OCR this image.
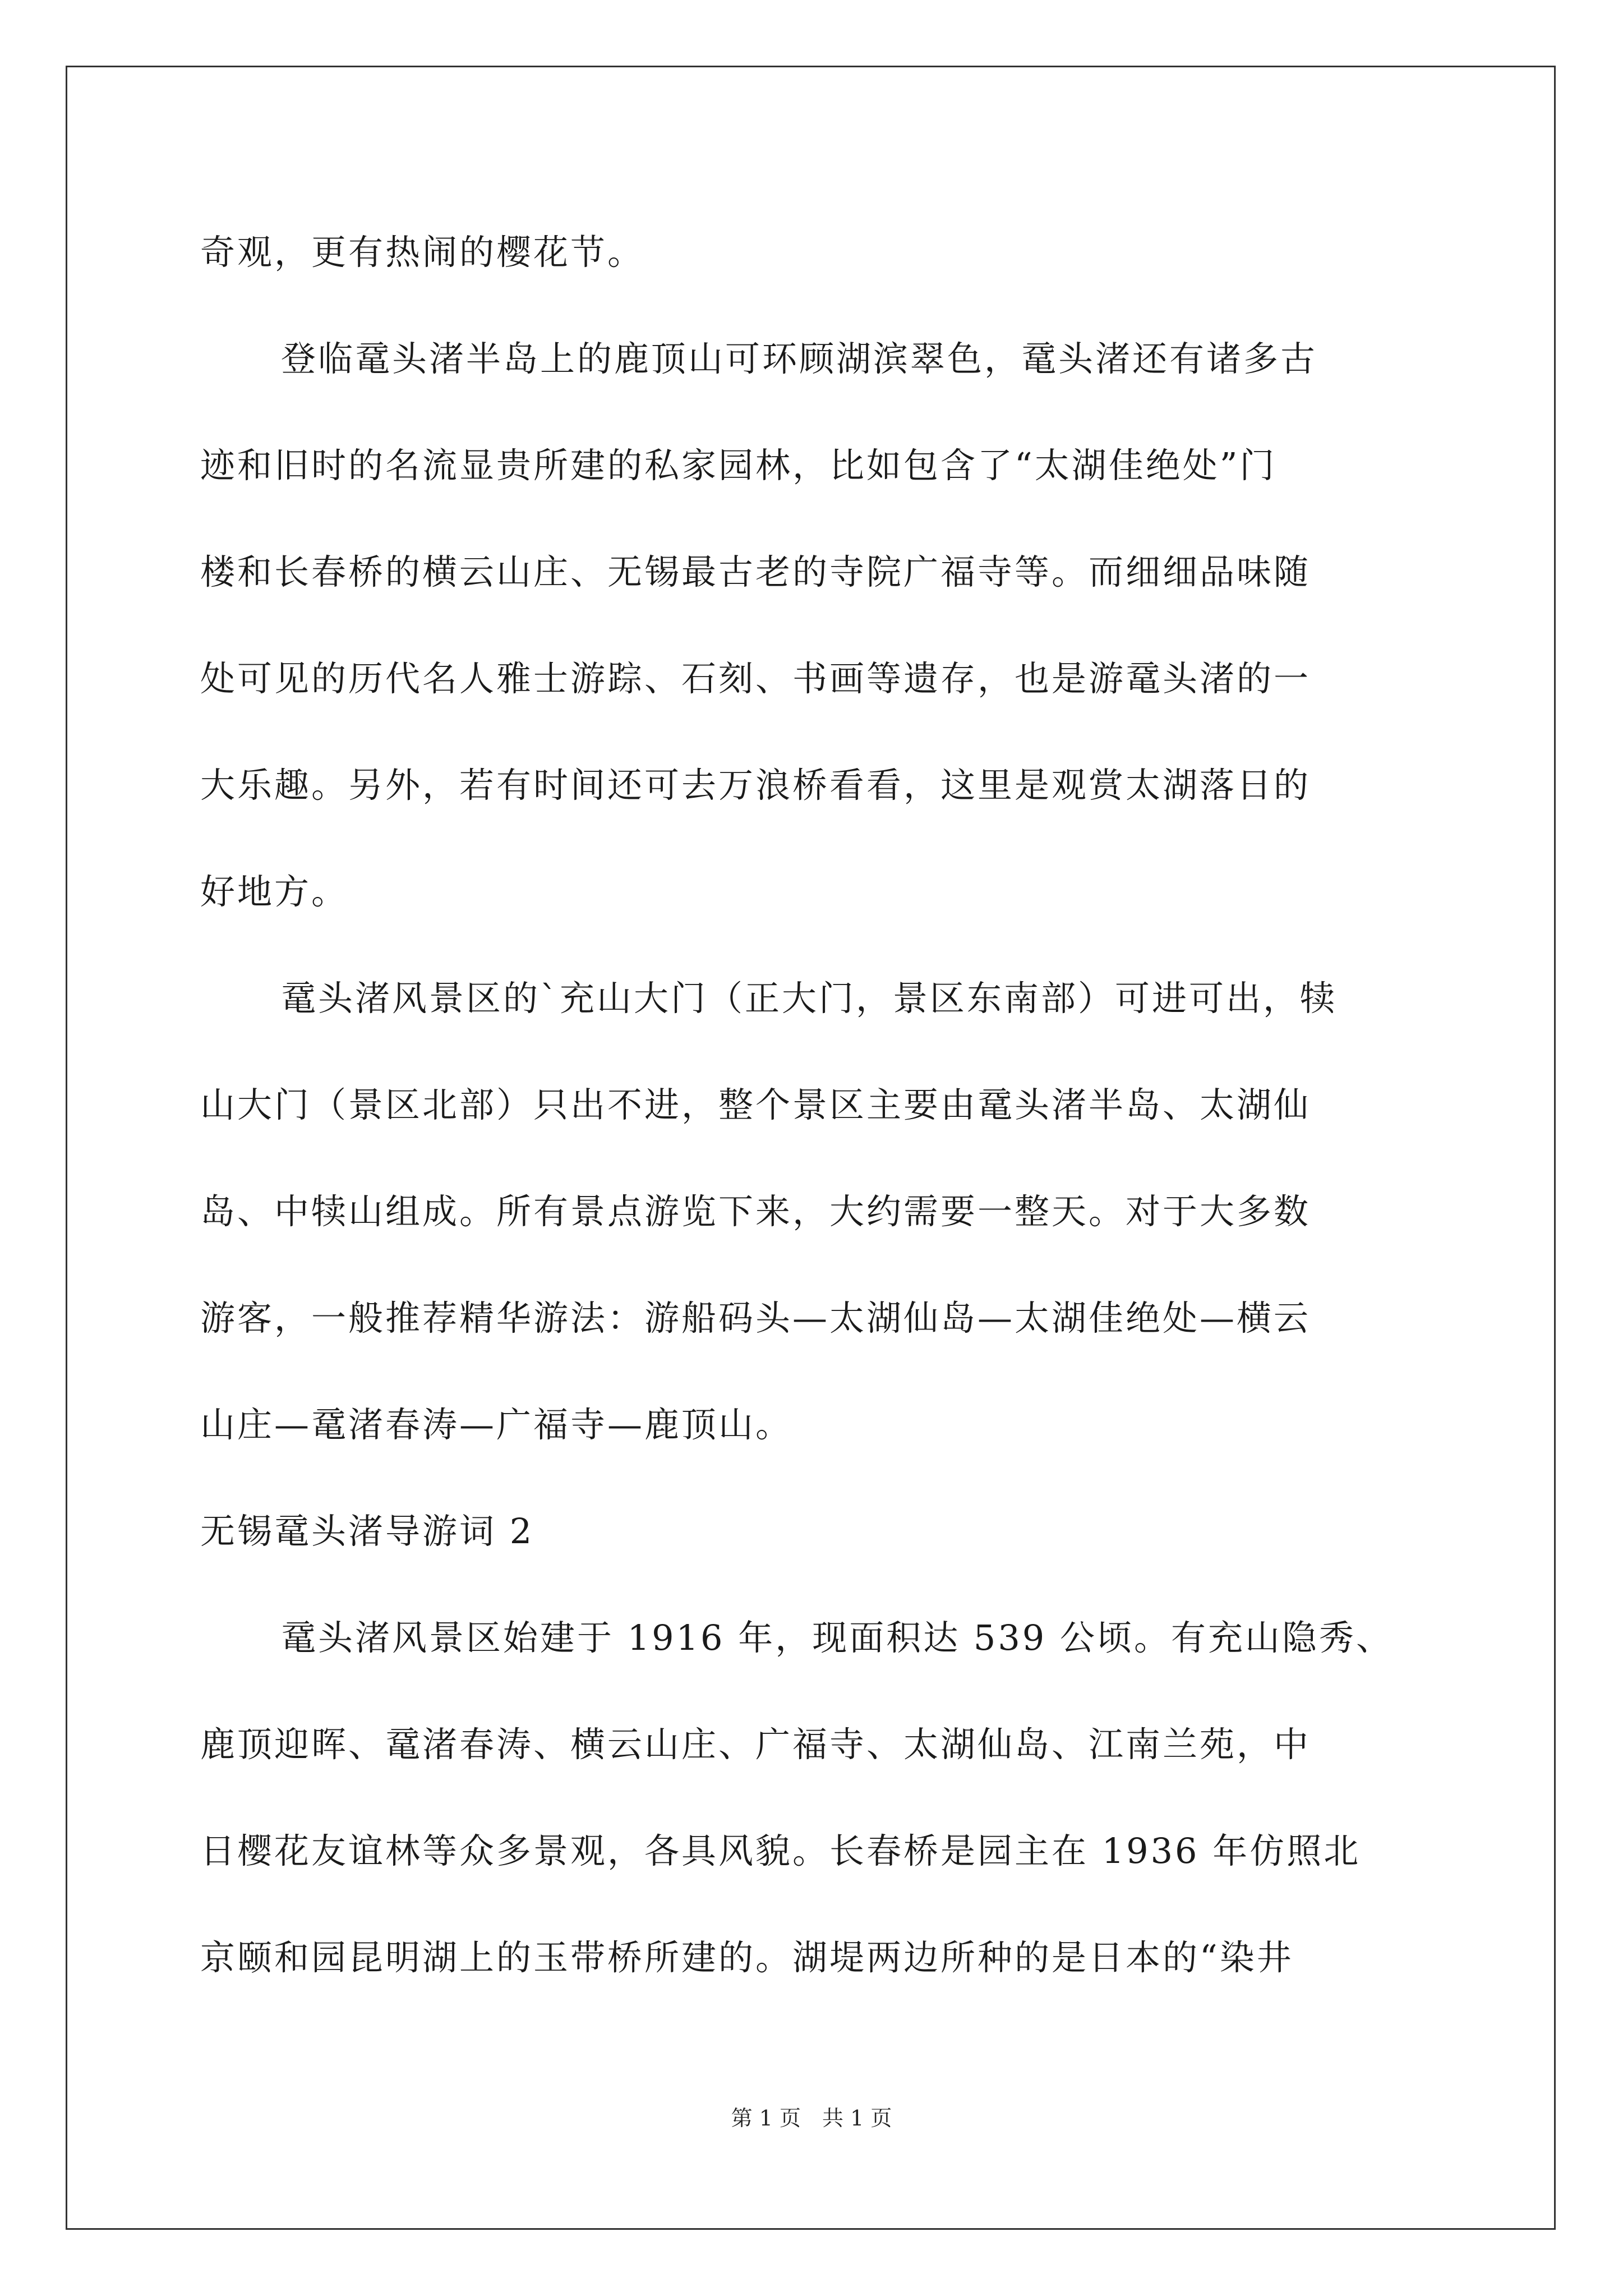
奇观，更有热闹的樱花节。
登临鼋头渚半岛上的鹿顶山可环顾湖滨翠色，鼋头渚还有诸多古
迹和旧时的名流显贵所建的私家园林，比如包含了“太湖佳绝处”门
楼和长春桥的横云山庄、无锡最古老的寺院广福寺等。而细细品味随
处可见的历代名人雅士游踪、石刻、书画等遗存，也是游鼋头渚的一
大乐趣。另外，若有时间还可去万浪桥看看，这里是观赏太湖落日的
好地方。
鼋头渚风景区的`充山大门（正大门，景区东南部）可进可出，犊
山大门（景区北部）只出不进，整个景区主要由鼋头渚半岛、太湖仙
岛、中犊山组成。所有景点游览下来，大约需要一整天。对于大多数
游客，一般推荐精华游法：游船码头—太湖仙岛—太湖佳绝处—横云
山庄—鼋渚春涛—广福寺—鹿顶山。
无锡鼋头渚导游词 2
鼋头渚风景区始建于 1916 年，现面积达 539 公顷。有充山隐秀、
鹿顶迎晖、鼋渚春涛、横云山庄、广福寺、太湖仙岛、江南兰苑，中
日樱花友谊林等众多景观，各具风貌。长春桥是园主在 1936 年仿照北
京颐和园昆明湖上的玉带桥所建的。湖堤两边所种的是日本的“染井
第 1 页　共 1 页
